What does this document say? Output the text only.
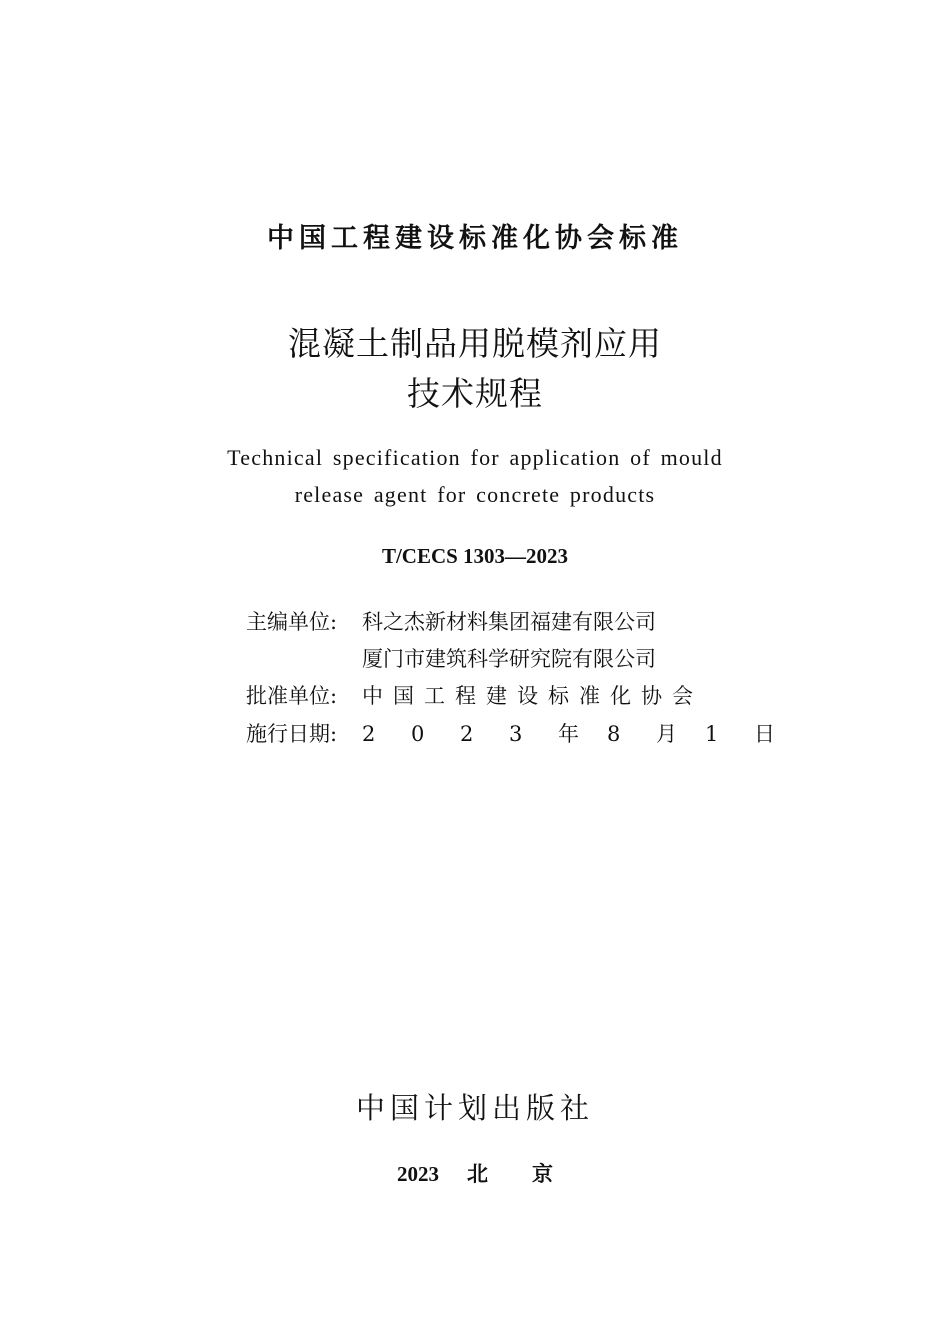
中国工程建设标准化协会标准
混凝土制品用脱模剂应用
技术规程
Technical specification for application of mould
release agent for concrete products
T/CECS 1303—2023
主编单位: 科之杰新材料集团福建有限公司
厦门市建筑科学研究院有限公司
批准单位: 中国工程建设标准化协会
施行日期: 2 0 2 3 年 8 月 1 日
中国计划出版社
2023 北 京
